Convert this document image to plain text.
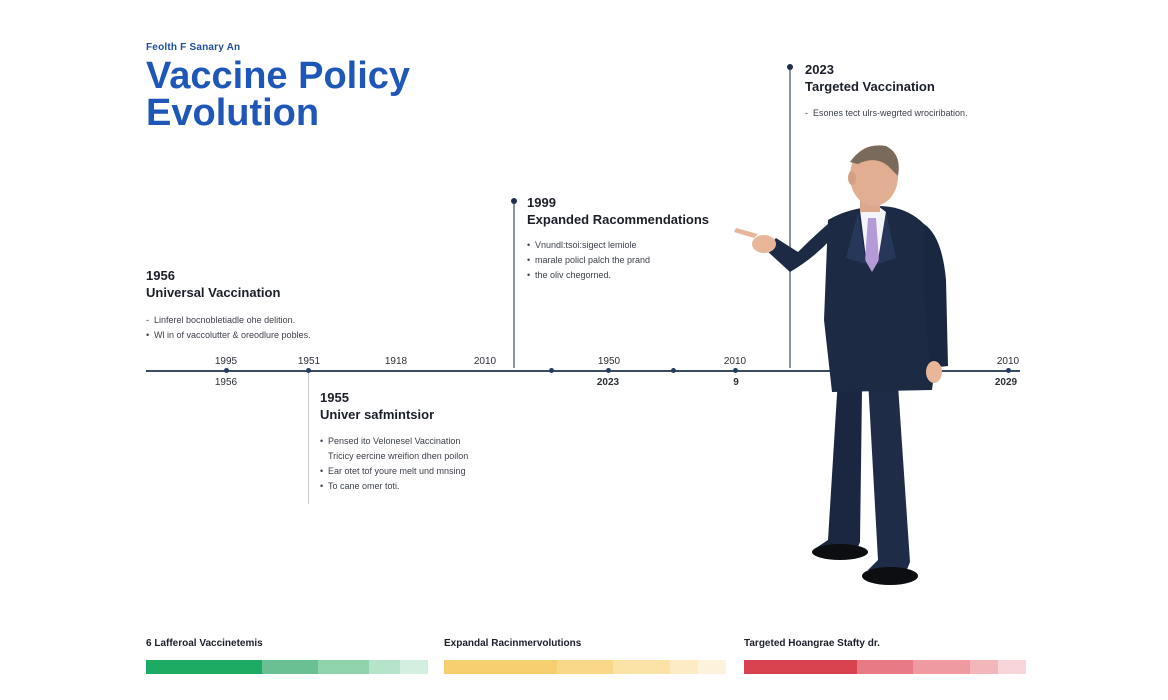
Feolth F Sanary An
Vaccine Policy
Evolution
1995	1951	1918	2010	1950	2010	2010
1956	2023	9	2029
1956
Universal Vaccination
- Linferel bocnobletiadle ohe delition.
• Wl in of vaccolutter & oreodlure pobles.
1955
Univer safmintsior
• Pensed ito Velonesel Vaccination
Tricicy eercine wreifion dhen poilon
• Ear otet tof youre melt und mnsing
• To cane omer toti.
1999
Expanded Racommendations
• Vnundl:tsoi:sigect lemiole
• marale policl palch the prand
• the oliv chegorned.
2023
Targeted Vaccination
- Esones tect ulrs-wegrted wrociribation.
6 Lafferoal Vaccinetemis	Expandal Racinmervolutions	Targeted Hoangrae Stafty dr.
